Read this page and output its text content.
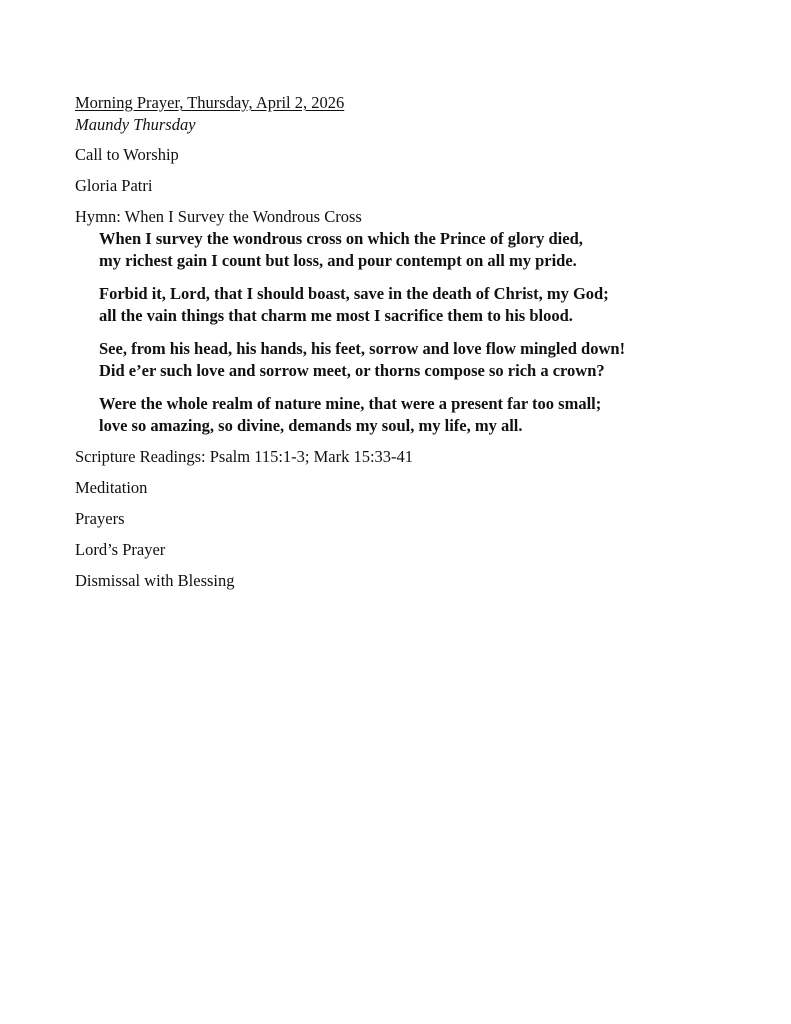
Morning Prayer, Thursday, April 2, 2026
Maundy Thursday
Call to Worship
Gloria Patri
Hymn: When I Survey the Wondrous Cross
When I survey the wondrous cross on which the Prince of glory died,
my richest gain I count but loss, and pour contempt on all my pride.
Forbid it, Lord, that I should boast, save in the death of Christ, my God;
all the vain things that charm me most I sacrifice them to his blood.
See, from his head, his hands, his feet, sorrow and love flow mingled down!
Did e’er such love and sorrow meet, or thorns compose so rich a crown?
Were the whole realm of nature mine, that were a present far too small;
love so amazing, so divine, demands my soul, my life, my all.
Scripture Readings: Psalm 115:1-3; Mark 15:33-41
Meditation
Prayers
Lord’s Prayer
Dismissal with Blessing
